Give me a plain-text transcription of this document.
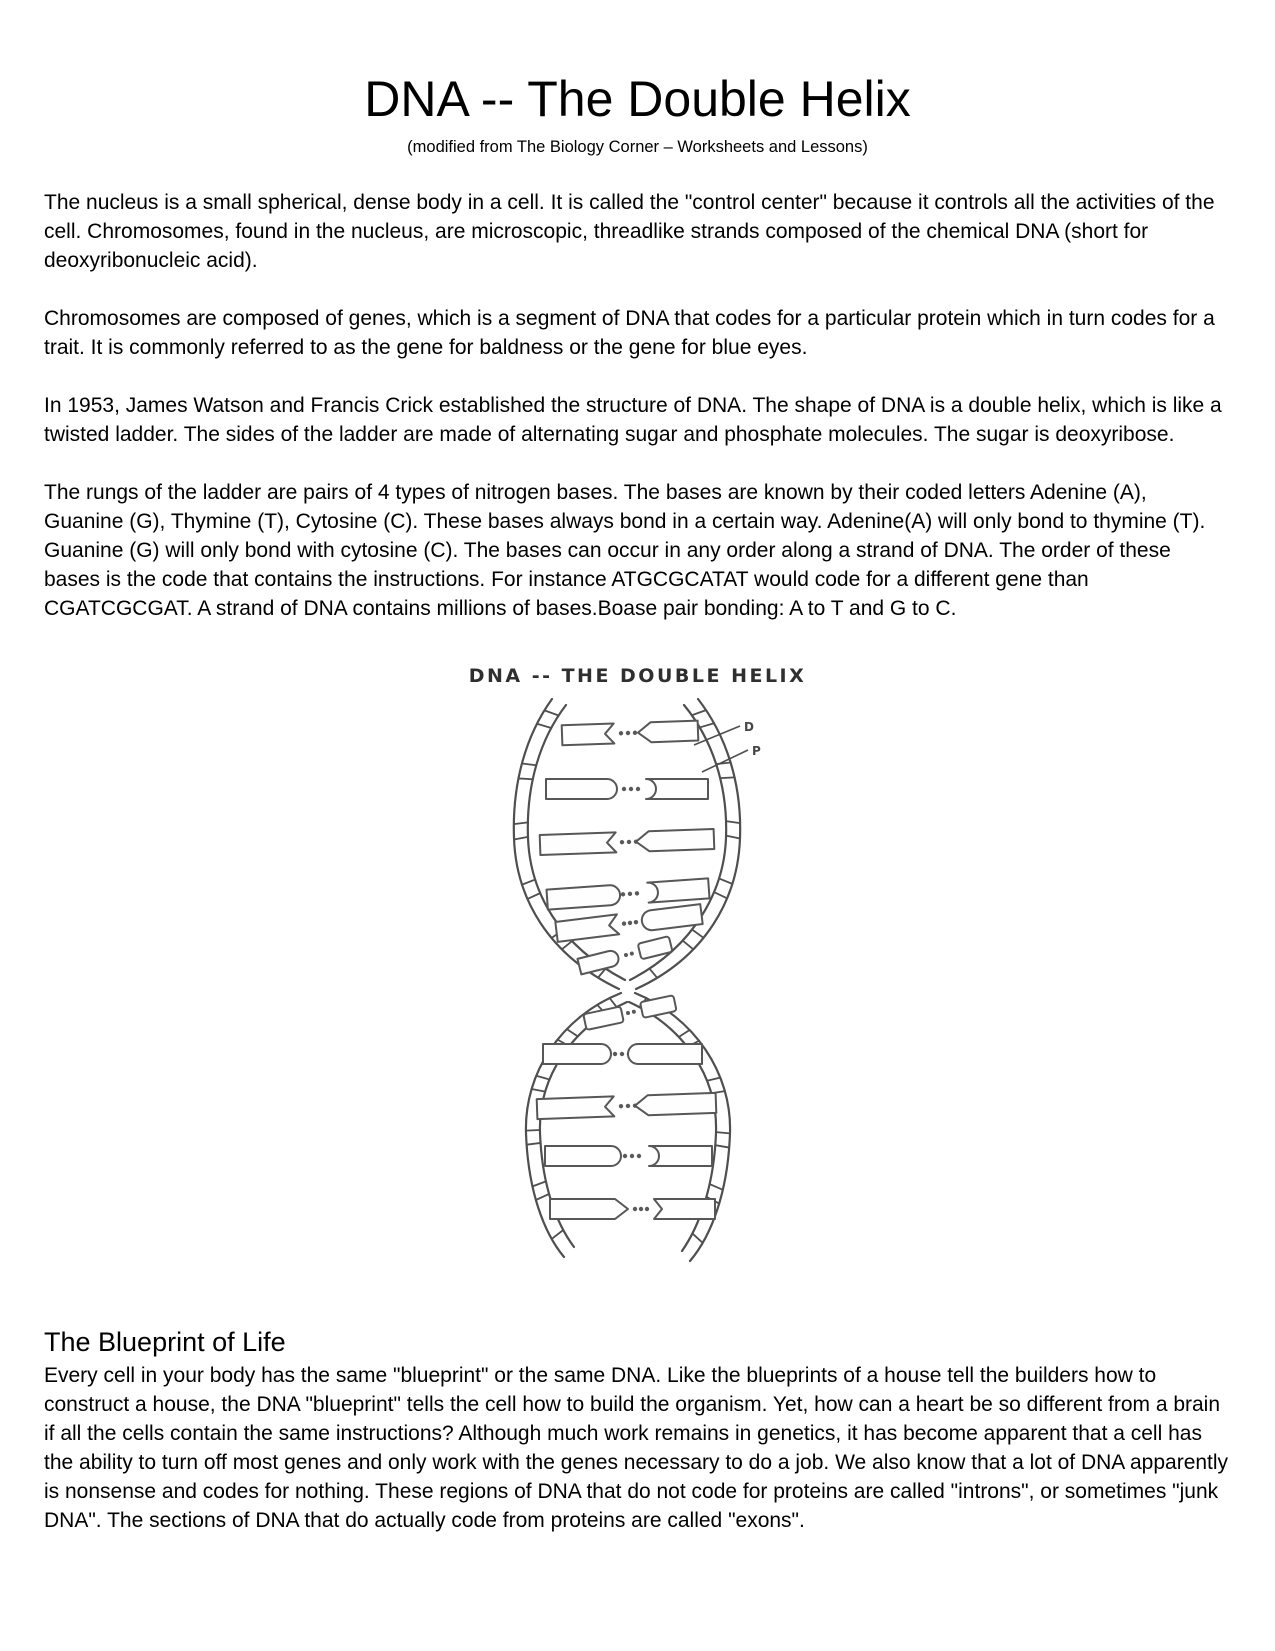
DNA -- The Double Helix
(modified from The Biology Corner – Worksheets and Lessons)

The nucleus is a small spherical, dense body in a cell. It is called the "control center" because it controls all the activities of the cell. Chromosomes, found in the nucleus, are microscopic, threadlike strands composed of the chemical DNA (short for deoxyribonucleic acid).

Chromosomes are composed of genes, which is a segment of DNA that codes for a particular protein which in turn codes for a trait. It is commonly referred to as the gene for baldness or the gene for blue eyes.

In 1953, James Watson and Francis Crick established the structure of DNA. The shape of DNA is a double helix, which is like a twisted ladder. The sides of the ladder are made of alternating sugar and phosphate molecules. The sugar is deoxyribose.

The rungs of the ladder are pairs of 4 types of nitrogen bases. The bases are known by their coded letters Adenine (A), Guanine (G), Thymine (T), Cytosine (C). These bases always bond in a certain way. Adenine(A) will only bond to thymine (T). Guanine (G) will only bond with cytosine (C). The bases can occur in any order along a strand of DNA. The order of these bases is the code that contains the instructions. For instance ATGCGCATAT would code for a different gene than CGATCGCGAT. A strand of DNA contains millions of bases.Boase pair bonding: A to T and G to C.

DNA -- THE DOUBLE HELIX
D
P
The Blueprint of Life

Every cell in your body has the same "blueprint" or the same DNA. Like the blueprints of a house tell the builders how to construct a house, the DNA "blueprint" tells the cell how to build the organism. Yet, how can a heart be so different from a brain if all the cells contain the same instructions? Although much work remains in genetics, it has become apparent that a cell has the ability to turn off most genes and only work with the genes necessary to do a job. We also know that a lot of DNA apparently is nonsense and codes for nothing. These regions of DNA that do not code for proteins are called "introns", or sometimes "junk DNA". The sections of DNA that do actually code from proteins are called "exons".
